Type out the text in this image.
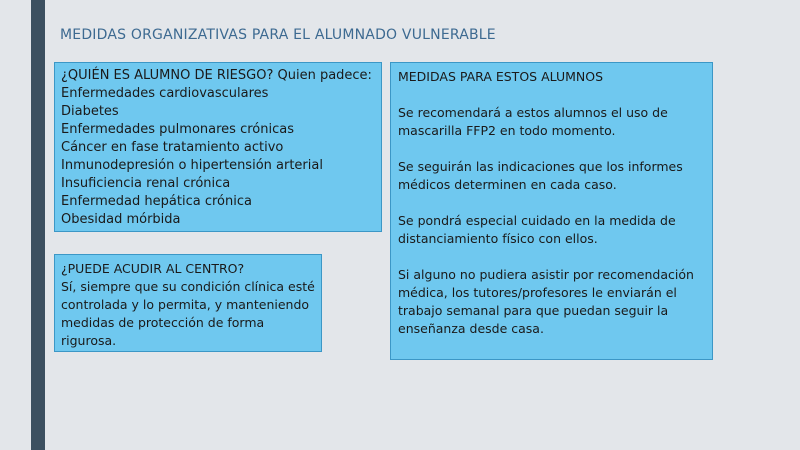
MEDIDAS ORGANIZATIVAS PARA EL ALUMNADO VULNERABLE
¿QUIÉN ES ALUMNO DE RIESGO? Quien padece:
Enfermedades cardiovasculares
Diabetes
Enfermedades pulmonares crónicas
Cáncer en fase tratamiento activo
Inmunodepresión o hipertensión arterial
Insuficiencia renal crónica
Enfermedad hepática crónica
Obesidad mórbida
¿PUEDE ACUDIR AL CENTRO?
Sí, siempre que su condición clínica esté controlada y lo permita, y manteniendo medidas de protección de forma rigurosa.
MEDIDAS PARA ESTOS ALUMNOS
Se recomendará a estos alumnos el uso de mascarilla FFP2 en todo momento.
Se seguirán las indicaciones que los informes médicos determinen en cada caso.
Se pondrá especial cuidado en la medida de distanciamiento físico con ellos.
Si alguno no pudiera asistir por recomendación médica, los tutores/profesores le enviarán el trabajo semanal para que puedan seguir la enseñanza desde casa.
